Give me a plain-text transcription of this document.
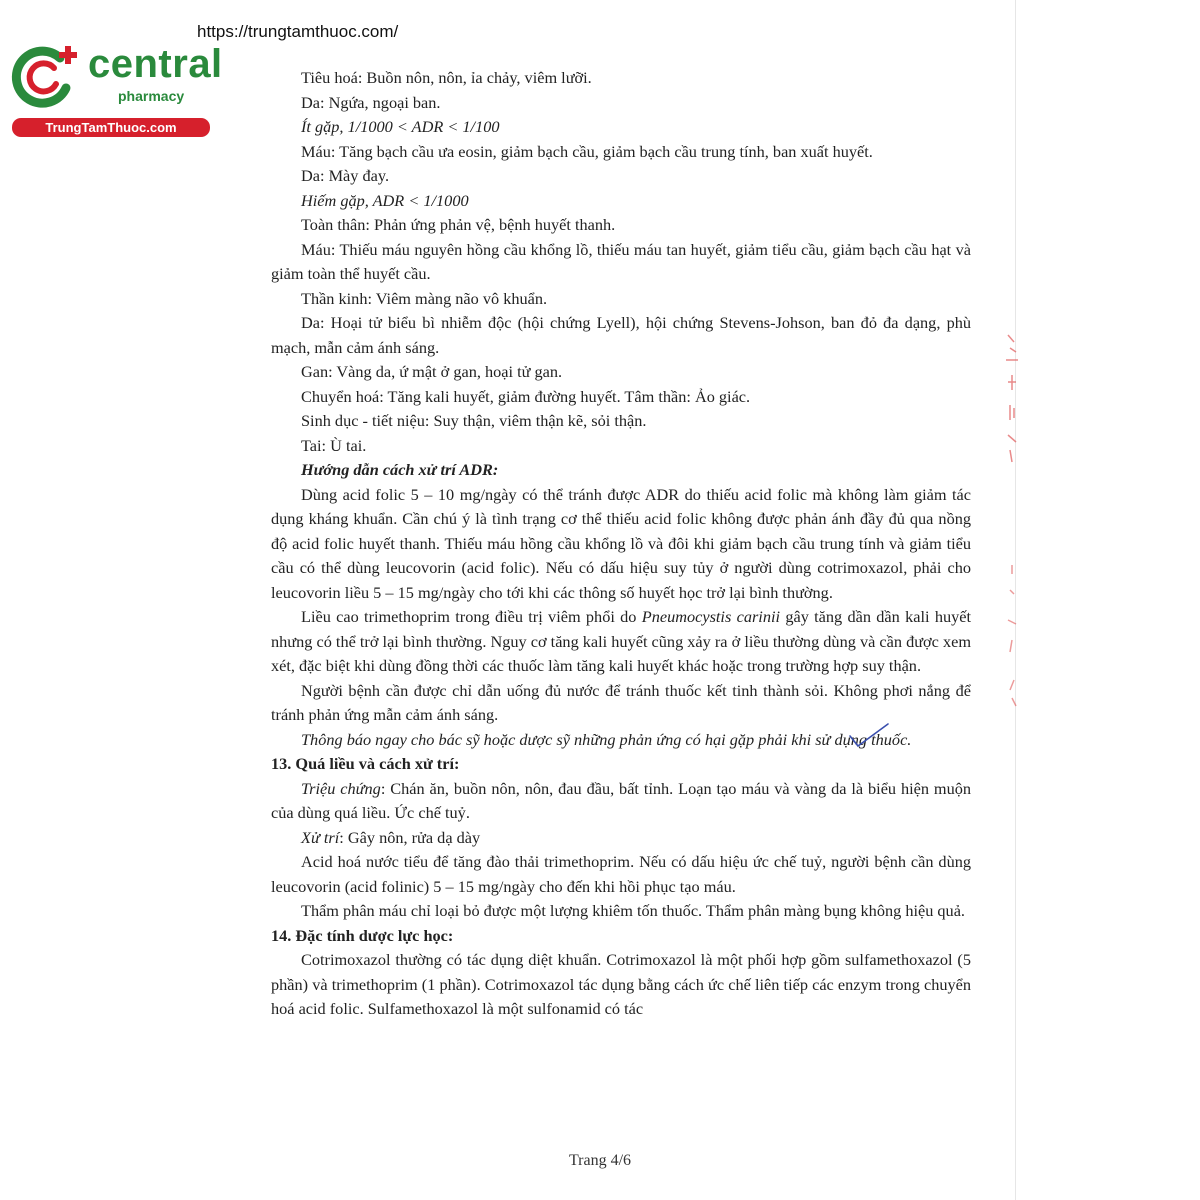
https://trungtamthuoc.com/
central
pharmacy
TrungTamThuoc.com

Tiêu hoá: Buồn nôn, nôn, ỉa chảy, viêm lưỡi.

Da: Ngứa, ngoại ban.

Ít gặp, 1/1000 < ADR < 1/100

Máu: Tăng bạch cầu ưa eosin, giảm bạch cầu, giảm bạch cầu trung tính, ban xuất huyết.

Da: Mày đay.

Hiếm gặp, ADR < 1/1000

Toàn thân: Phản ứng phản vệ, bệnh huyết thanh.

Máu: Thiếu máu nguyên hồng cầu khổng lồ, thiếu máu tan huyết, giảm tiểu cầu, giảm bạch cầu hạt và giảm toàn thể huyết cầu.

Thần kinh: Viêm màng não vô khuẩn.

Da: Hoại tử biểu bì nhiễm độc (hội chứng Lyell), hội chứng Stevens-Johson, ban đỏ đa dạng, phù mạch, mẫn cảm ánh sáng.

Gan: Vàng da, ứ mật ở gan, hoại tử gan.

Chuyển hoá: Tăng kali huyết, giảm đường huyết. Tâm thần: Ảo giác.

Sinh dục - tiết niệu: Suy thận, viêm thận kẽ, sỏi thận.

Tai: Ù tai.

Hướng dẫn cách xử trí ADR:

Dùng acid folic 5 – 10 mg/ngày có thể tránh được ADR do thiếu acid folic mà không làm giảm tác dụng kháng khuẩn. Cần chú ý là tình trạng cơ thể thiếu acid folic không được phản ánh đầy đủ qua nồng độ acid folic huyết thanh. Thiếu máu hồng cầu khổng lồ và đôi khi giảm bạch cầu trung tính và giảm tiểu cầu có thể dùng leucovorin (acid folic). Nếu có dấu hiệu suy tủy ở người dùng cotrimoxazol, phải cho leucovorin liều 5 – 15 mg/ngày cho tới khi các thông số huyết học trở lại bình thường.

Liều cao trimethoprim trong điều trị viêm phổi do Pneumocystis carinii gây tăng dần dần kali huyết nhưng có thể trở lại bình thường. Nguy cơ tăng kali huyết cũng xảy ra ở liều thường dùng và cần được xem xét, đặc biệt khi dùng đồng thời các thuốc làm tăng kali huyết khác hoặc trong trường hợp suy thận.

Người bệnh cần được chỉ dẫn uống đủ nước để tránh thuốc kết tinh thành sỏi. Không phơi nắng để tránh phản ứng mẫn cảm ánh sáng.

Thông báo ngay cho bác sỹ hoặc dược sỹ những phản ứng có hại gặp phải khi sử dụng thuốc.

13. Quá liều và cách xử trí:

Triệu chứng: Chán ăn, buồn nôn, nôn, đau đầu, bất tỉnh. Loạn tạo máu và vàng da là biểu hiện muộn của dùng quá liều. Ức chế tuỷ.

Xử trí: Gây nôn, rửa dạ dày

Acid hoá nước tiểu để tăng đào thải trimethoprim. Nếu có dấu hiệu ức chế tuỷ, người bệnh cần dùng leucovorin (acid folinic) 5 – 15 mg/ngày cho đến khi hồi phục tạo máu.

Thẩm phân máu chỉ loại bỏ được một lượng khiêm tốn thuốc. Thẩm phân màng bụng không hiệu quả.

14. Đặc tính dược lực học:

Cotrimoxazol thường có tác dụng diệt khuẩn. Cotrimoxazol là một phối hợp gồm sulfamethoxazol (5 phần) và trimethoprim (1 phần). Cotrimoxazol tác dụng bằng cách ức chế liên tiếp các enzym trong chuyển hoá acid folic. Sulfamethoxazol là một sulfonamid có tác

Trang 4/6
